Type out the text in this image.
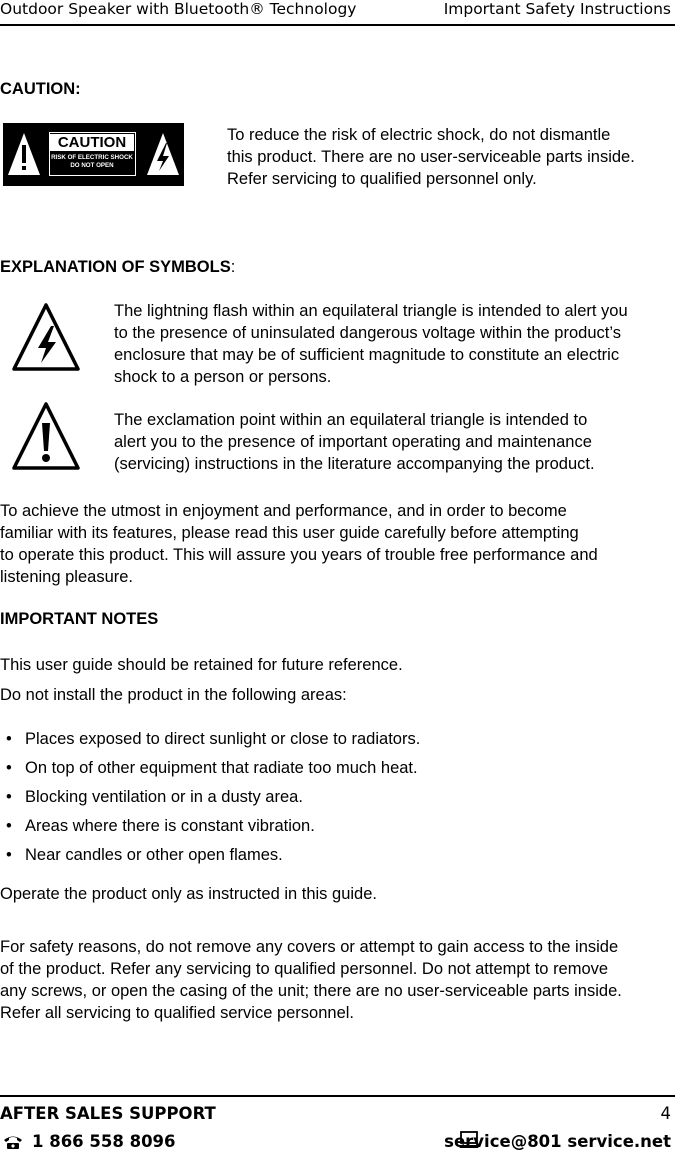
Outdoor Speaker with Bluetooth® Technology	Important Safety Instructions
CAUTION:
CAUTION
RISK OF ELECTRIC SHOCK
DO NOT OPEN
To reduce the risk of electric shock, do not dismantle
this product. There are no user-serviceable parts inside.
Refer servicing to qualified personnel only.
EXPLANATION OF SYMBOLS:
The lightning flash within an equilateral triangle is intended to alert you
to the presence of uninsulated dangerous voltage within the product’s
enclosure that may be of sufficient magnitude to constitute an electric
shock to a person or persons.
The exclamation point within an equilateral triangle is intended to
alert you to the presence of important operating and maintenance
(servicing) instructions in the literature accompanying the product.
To achieve the utmost in enjoyment and performance, and in order to become
familiar with its features, please read this user guide carefully before attempting
to operate this product. This will assure you years of trouble free performance and
listening pleasure.
IMPORTANT NOTES
This user guide should be retained for future reference.
Do not install the product in the following areas:
• Places exposed to direct sunlight or close to radiators.
• On top of other equipment that radiate too much heat.
• Blocking ventilation or in a dusty area.
• Areas where there is constant vibration.
• Near candles or other open flames.
Operate the product only as instructed in this guide.
For safety reasons, do not remove any covers or attempt to gain access to the inside
of the product. Refer any servicing to qualified personnel. Do not attempt to remove
any screws, or open the casing of the unit; there are no user-serviceable parts inside.
Refer all servicing to qualified service personnel.
AFTER SALES SUPPORT	4
1 866 558 8096	service@801 service.net
